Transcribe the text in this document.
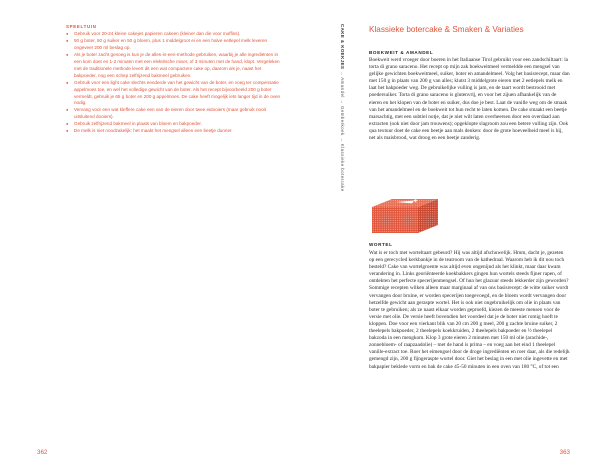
SPEELTUIN
● Gebruik voor 20-24 kleine cakejes papieren cakeen (kleiner dan die voor muffins).
● 50 g boter, 50 g suiker en 50 g bloem, plus 1 middelgroot ei en een halve eetlepel melk leveren ongeveer 200 ml beslag op.
● Als je boter zacht genoeg is kun je de alles-in-een-methode gebruiken, waarbij je alle ingrediënten in een kom doet en 1-2 minuten met een elektrische mixer, of 3 minuten met de hand, klopt. Vergeleken met de traditionele methode levert dit een wat compactere cake op, daarom als je, naast het bakpoeder, nog een schep zelfrijzend bakmeel gebruiken.
● Gebruik voor een light cake slechts eenderde van het gewicht van de boter, en voeg ter compensatie appelmoes toe, en wel het volledige gewicht van de boter. Als het recept bijvoorbeeld 200 g boter vermeldt, gebruik je 65 g boter en 200 g appelmoes. De cake heeft mogelijk iets langer tijd in de oven nodig.
● Vervang voor een wat kleffere cake een van de eieren door twee eidooiers (maar gebruik nooit uitsluitend dooiers).
● Gebruik zelfrijzend bakmeel in plaats van bloem en bakpoeder.
● De melk is niet noodzakelijk: het maakt het mengsel alleen een beetje dunner.
362
CAKE & KOEKJES → Amandel → Gemberkoek → Klassieke botercake
Klassieke botercake & Smaken & Variaties
BOEKWEIT & AMANDEL
Boekweit werd vroeger door boeren in het Italiaanse Tirol gebruikt voor een zandschiltaart: la torta di grano saraceno. Het recept op mijn zak boekweitmeel vermeldde een mengsel van gelijke gewichten boekweitmeel, suiker, boter en amandelmeel. Volg het basisrecept, maar dan met 150 g in plaats van 200 g van alles; klutst 3 middelgrote eieren met 2 eetlepels melk en laat het bakpoeder weg. De gebruikelijke vulling is jam, en de taart wordt bestrooid met poedersuiker. Torta di grano saraceno is glutenvrij, en voor het zijuen afhankelijk van de eieren en het klopen van de boter en suiker, dus doe je best. Laat de vanille weg om de smaak van het amandelmeel en de boekweit tot hun recht te laten komen. De cake smaakt een beetje marsachtig, met een subtiel notje, dat je niet wilt laten overheersen door een overdaad aan extracten (ook niet door jam trouwens); opgeklopte slagroom zou een betere vulling zijn. Ook qua textuur doet de cake een beetje aan mals denken: door de grote hoeveelheid meel is hij, net als maisbrood, wat droog en een beetje zanderig.
WORTEL
Wat is er toch met worteltaart gebeurd? Hij was altijd afschuwelijk. Hmm, dacht je, gezeten op een gerecycled kerkbankje in de teatroom van de kathedraal. Waarom heb ik dit nou toch besteld? Cake van wortelgroente was altijd even ongenijnd als het klinkt, maar daar kwam verandering in. Links georiënteerde koekbakkers gingen hun wortels steeds fijner rapen, of ontdekten het perfecte specerijenmengsel. Of hun het glazuur steeds lekkerder zijn geworden? Sommige recepten wilken alleen maar marginaal af van ons basisrecept: de witte suiker wordt vervangen door bruine, er worden specerijen toegevoegd, en de bloem wordt vervangen door hetzelfde gewicht aan geraspte wortel. Het is ook niet ongebruikelijk om olie in plaats van boter te gebruiken; als ze naast elkaar worden geproefd, kiezen de meeste mensen voor de versie met olie. De versie heeft bovendien het voordeel dat je de boter niet romig hoeft te kloppen. Doe voor een vierkant blik van 20 cm 200 g meel, 200 g zachte bruine suiker, 2 theelepels bakpoeder, 2 theelepels koekkruiden, 2 theelepels bakpoeder en ½ theelepel bakzoda in een mengkom. Klop 3 grote eieren 2 minuten met 150 ml olie (arachide-, zonnebloem- of raapzaadolie) – met de hand is prima – en voeg aan het eind 1 theelepel vanille-extract toe. Roer het eimengsel door de droge ingrediënten en roer daar, als die redelijk gemengd zijn, 200 g fijngeraspte wortel door. Giet het beslag in een met olie ingevette en met bakpapier beklede vorm en bak de cake 45-50 minuten in een oven van 180 °C, of tot een
363
